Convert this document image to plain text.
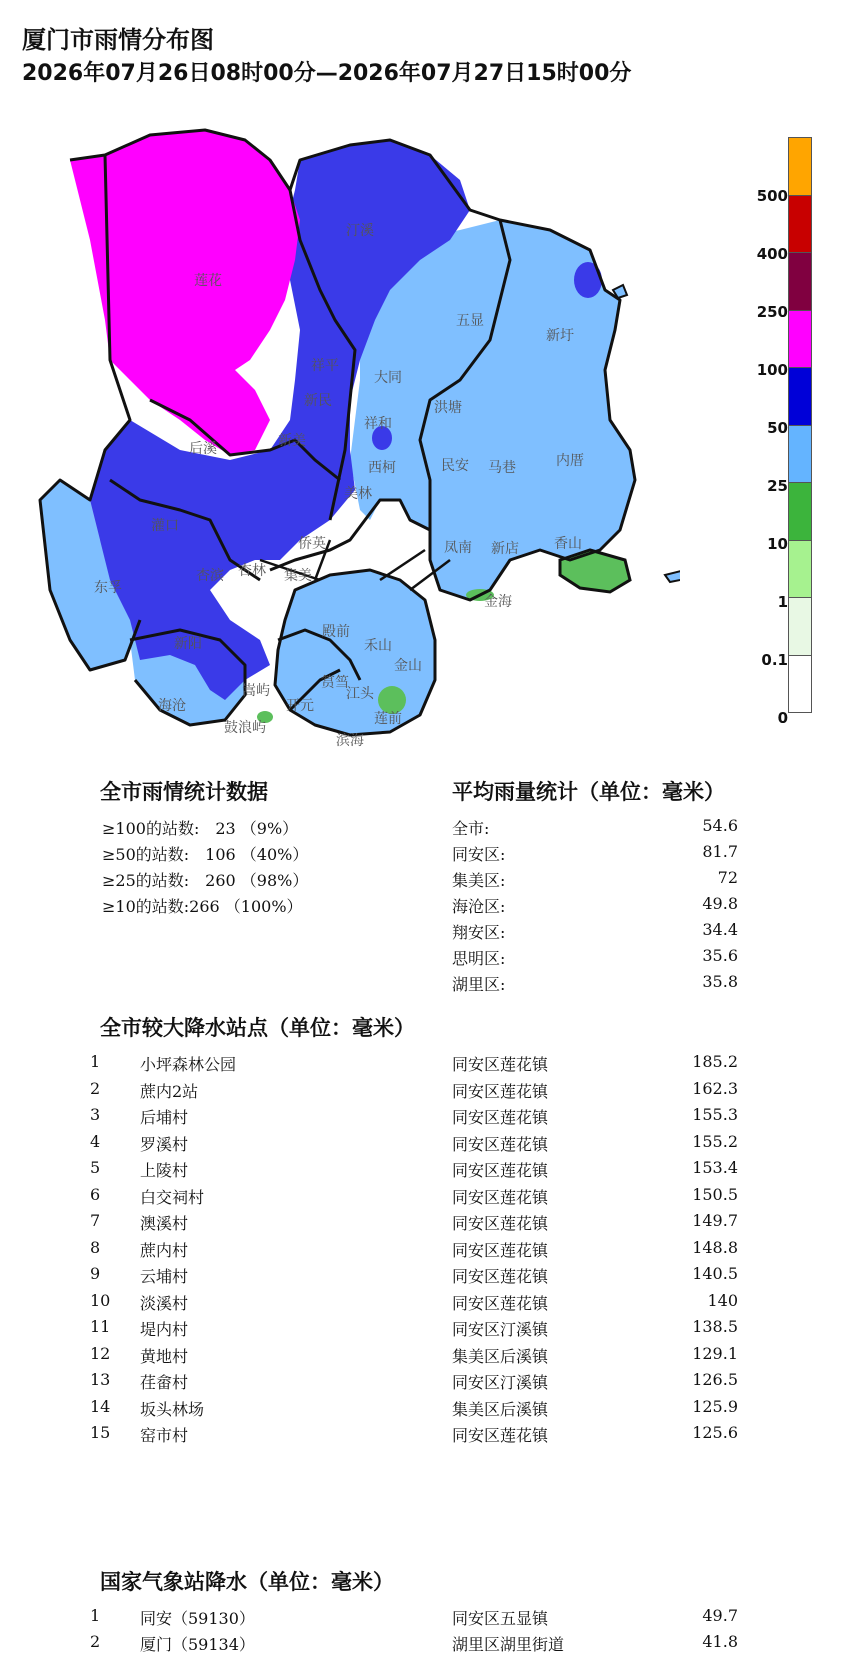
厦门市雨情分布图
2026年07月26日08时00分—2026年07月27日15时00分
汀溪
莲花
五显
新圩
祥平
大同
新民	洪塘
祥和
新美
后溪
西柯	民安 马巷	内厝
美林
灌口
侨英	凤南 新店	香山
东孚
杏滨 杏林 集美
金海
新阳
殿前
禾山
金山
海沧
江头
筼筜
莲前
嵩屿
开元
鼓浪屿
滨海
500
400
250
100
50
25
10
1
0.1
0
全市雨情统计数据
≥100的站数:　23 （9%）
≥50的站数:　106 （40%）
≥25的站数:　260 （98%）
≥10的站数:266 （100%）
平均雨量统计（单位：毫米）
全市:	54.6
同安区:	81.7
集美区:	72
海沧区:	49.8
翔安区:	34.4
思明区:	35.6
湖里区:	35.8
全市较大降水站点（单位：毫米）
1	小坪森林公园	同安区莲花镇	185.2
2	蔗内2站	同安区莲花镇	162.3
3	后埔村	同安区莲花镇	155.3
4	罗溪村	同安区莲花镇	155.2
5	上陵村	同安区莲花镇	153.4
6	白交祠村	同安区莲花镇	150.5
7	澳溪村	同安区莲花镇	149.7
8	蔗内村	同安区莲花镇	148.8
9	云埔村	同安区莲花镇	140.5
10	淡溪村	同安区莲花镇	140
11	堤内村	同安区汀溪镇	138.5
12	黄地村	集美区后溪镇	129.1
13	荏畲村	同安区汀溪镇	126.5
14	坂头林场	集美区后溪镇	125.9
15	窑市村	同安区莲花镇	125.6
国家气象站降水（单位：毫米）
1	同安（59130）	同安区五显镇	49.7
2	厦门（59134）	湖里区湖里街道	41.8
